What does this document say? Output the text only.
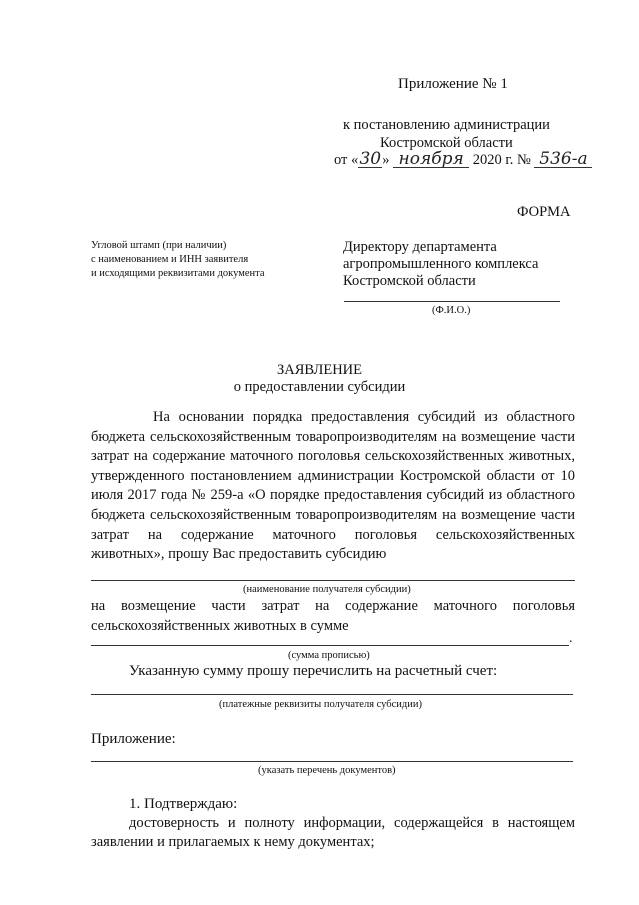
Приложение № 1
к постановлению администрации
Костромской области
от «30» ноября 2020 г. № 536-а
ФОРМА
Угловой штамп (при наличии)
с наименованием и ИНН заявителя
и исходящими реквизитами документа
Директору департамента
агропромышленного комплекса
Костромской области
(Ф.И.О.)
ЗАЯВЛЕНИЕ
о предоставлении субсидии

На основании порядка предоставления субсидий из областного бюджета сельскохозяйственным товаропроизводителям на возмещение части затрат на содержание маточного поголовья сельскохозяйственных животных, утвержденного постановлением администрации Костромской области от 10 июля 2017 года № 259-а «О порядке предоставления субсидий из областного бюджета сельскохозяйственным товаропроизводителям на возмещение части затрат на содержание маточного поголовья сельскохозяйственных животных», прошу Вас предоставить субсидию

(наименование получателя субсидии)

на возмещение части затрат на содержание маточного поголовья сельскохозяйственных животных в сумме

.
(сумма прописью)
Указанную сумму прошу перечислить на расчетный счет:
(платежные реквизиты получателя субсидии)
Приложение:
(указать перечень документов)
1. Подтверждаю:

достоверность и полноту информации, содержащейся в настоящем заявлении и прилагаемых к нему документах;
